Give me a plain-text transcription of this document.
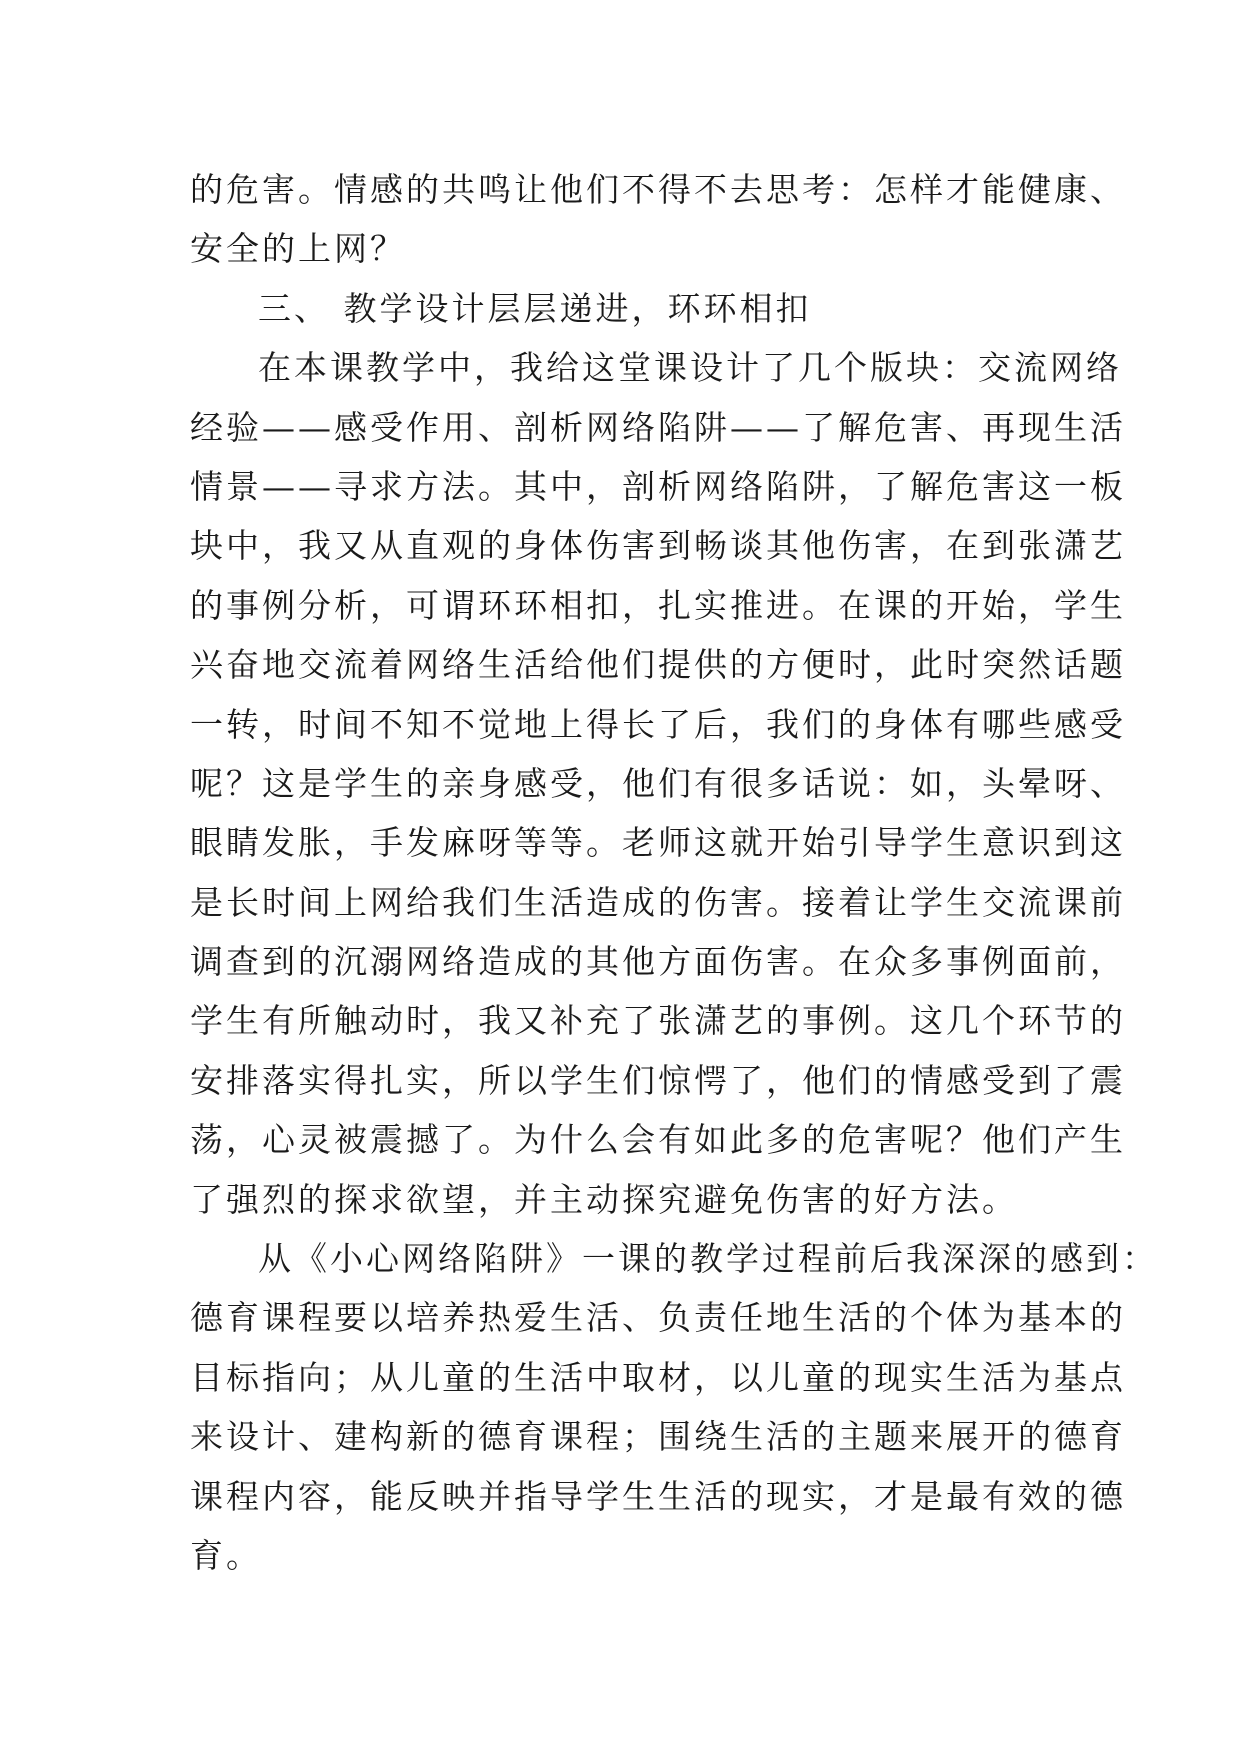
的危害。情感的共鸣让他们不得不去思考：怎样才能健康、
安全的上网？
三、 教学设计层层递进，环环相扣
在本课教学中，我给这堂课设计了几个版块：交流网络
经验——感受作用、剖析网络陷阱——了解危害、再现生活
情景——寻求方法。其中，剖析网络陷阱，了解危害这一板
块中，我又从直观的身体伤害到畅谈其他伤害，在到张潇艺
的事例分析，可谓环环相扣，扎实推进。在课的开始，学生
兴奋地交流着网络生活给他们提供的方便时，此时突然话题
一转，时间不知不觉地上得长了后，我们的身体有哪些感受
呢？这是学生的亲身感受，他们有很多话说：如，头晕呀、
眼睛发胀，手发麻呀等等。老师这就开始引导学生意识到这
是长时间上网给我们生活造成的伤害。接着让学生交流课前
调查到的沉溺网络造成的其他方面伤害。在众多事例面前，
学生有所触动时，我又补充了张潇艺的事例。这几个环节的
安排落实得扎实，所以学生们惊愕了，他们的情感受到了震
荡，心灵被震撼了。为什么会有如此多的危害呢？他们产生
了强烈的探求欲望，并主动探究避免伤害的好方法。
从《小心网络陷阱》一课的教学过程前后我深深的感到：
德育课程要以培养热爱生活、负责任地生活的个体为基本的
目标指向；从儿童的生活中取材，以儿童的现实生活为基点
来设计、建构新的德育课程；围绕生活的主题来展开的德育
课程内容，能反映并指导学生生活的现实，才是最有效的德
育。
